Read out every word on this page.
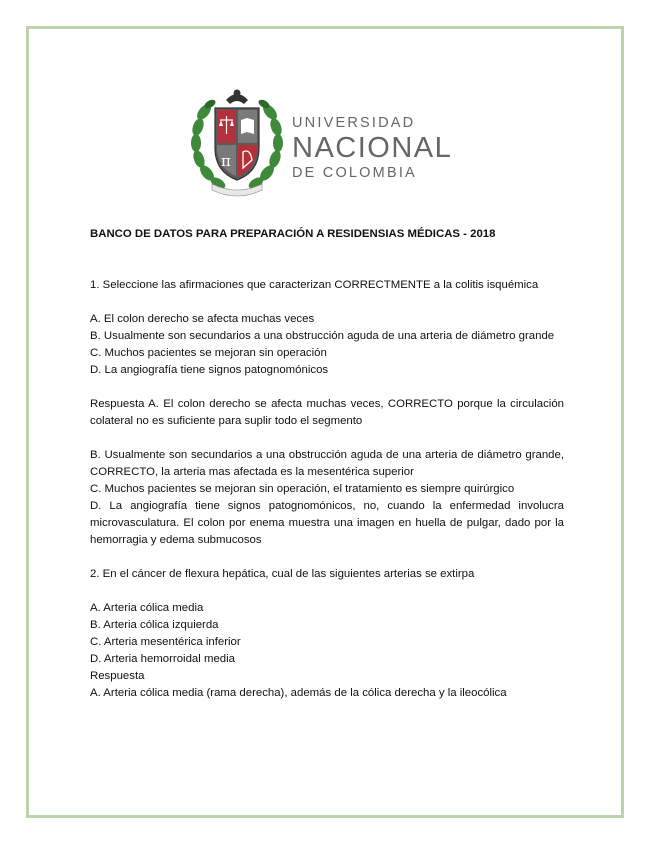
π
UNIVERSIDAD
NACIONAL
DE COLOMBIA

BANCO DE DATOS PARA PREPARACIÓN A RESIDENSIAS MÉDICAS - 2018

1. Seleccione las afirmaciones que caracterizan CORRECTMENTE a la colitis isquémica

A. El colon derecho se afecta muchas veces
B. Usualmente son secundarios a una obstrucción aguda de una arteria de diámetro grande
C. Muchos pacientes se mejoran sin operación
D. La angiografía tiene signos patognomónicos

Respuesta A. El colon derecho se afecta muchas veces, CORRECTO porque la circulación colateral no es suficiente para suplir todo el segmento

B. Usualmente son secundarios a una obstrucción aguda de una arteria de diámetro grande, CORRECTO, la arteria mas afectada es la mesentérica superior
C. Muchos pacientes se mejoran sin operación, el tratamiento es siempre quirúrgico
D. La angiografía tiene signos patognomónicos, no, cuando la enfermedad involucra microvasculatura. El colon por enema muestra una imagen en huella de pulgar, dado por la hemorragia y edema submucosos

2. En el cáncer de flexura hepática, cual de las siguientes arterias se extirpa

A. Arteria cólica media
B. Arteria cólica izquierda
C. Arteria mesentérica inferior
D. Arteria hemorroidal media
Respuesta
A. Arteria cólica media (rama derecha), además de la cólica derecha y la ileocólica
